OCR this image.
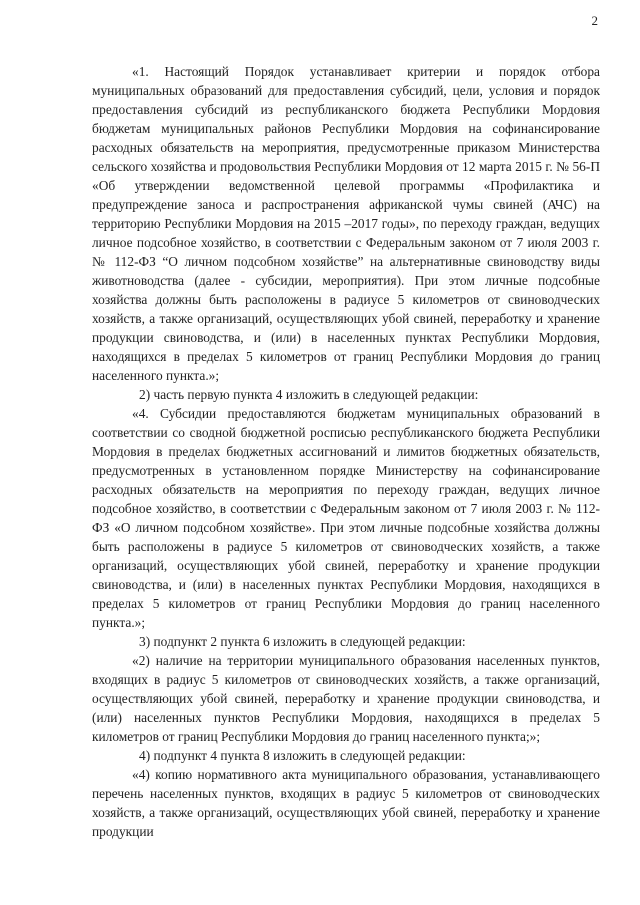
2

«1. Настоящий Порядок устанавливает критерии и порядок отбора муниципальных образований для предоставления субсидий, цели, условия и порядок предоставления субсидий из республиканского бюджета Республики Мордовия бюджетам муниципальных районов Республики Мордовия на софинансирование расходных обязательств на мероприятия, предусмотренные приказом Министерства сельского хозяйства и продовольствия Республики Мордовия от 12 марта 2015 г. № 56-П «Об утверждении ведомственной целевой программы «Профилактика и предупреждение заноса и распространения африканской чумы свиней (АЧС) на территорию Республики Мордовия на 2015 –2017 годы», по переходу граждан, ведущих личное подсобное хозяйство, в соответствии с Федеральным законом от 7 июля 2003 г. № 112-ФЗ “О личном подсобном хозяйстве” на альтернативные свиноводству виды животноводства (далее - субсидии, мероприятия). При этом личные подсобные хозяйства должны быть расположены в радиусе 5 километров от свиноводческих хозяйств, а также организаций, осуществляющих убой свиней, переработку и хранение продукции свиноводства, и (или) в населенных пунктах Республики Мордовия, находящихся в пределах 5 километров от границ Республики Мордовия до границ населенного пункта.»;

2) часть первую пункта 4 изложить в следующей редакции:

«4. Субсидии предоставляются бюджетам муниципальных образований в соответствии со сводной бюджетной росписью республиканского бюджета Республики Мордовия в пределах бюджетных ассигнований и лимитов бюджетных обязательств, предусмотренных в установленном порядке Министерству на софинансирование расходных обязательств на мероприятия по переходу граждан, ведущих личное подсобное хозяйство, в соответствии с Федеральным законом от 7 июля 2003 г. № 112-ФЗ «О личном подсобном хозяйстве». При этом личные подсобные хозяйства должны быть расположены в радиусе 5 километров от свиноводческих хозяйств, а также организаций, осуществляющих убой свиней, переработку и хранение продукции свиноводства, и (или) в населенных пунктах Республики Мордовия, находящихся в пределах 5 километров от границ Республики Мордовия до границ населенного пункта.»;

3) подпункт 2 пункта 6 изложить в следующей редакции:

«2) наличие на территории муниципального образования населенных пунктов, входящих в радиус 5 километров от свиноводческих хозяйств, а также организаций, осуществляющих убой свиней, переработку и хранение продукции свиноводства, и (или) населенных пунктов Республики Мордовия, находящихся в пределах 5 километров от границ Республики Мордовия до границ населенного пункта;»;

4) подпункт 4 пункта 8 изложить в следующей редакции:

«4) копию нормативного акта муниципального образования, устанавливающего перечень населенных пунктов, входящих в радиус 5 километров от свиноводческих хозяйств, а также организаций, осуществляющих убой свиней, переработку и хранение продукции
